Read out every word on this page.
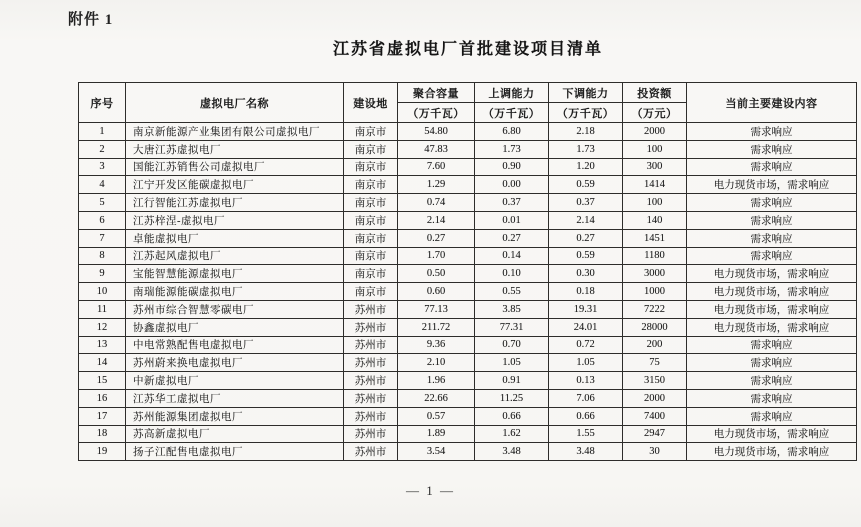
附件 1
江苏省虚拟电厂首批建设项目清单
序号	虚拟电厂名称	建设地	聚合容量	上调能力	下调能力	投资额	当前主要建设内容
			（万千瓦）	（万千瓦）	（万千瓦）	（万元）	
1	南京新能源产业集团有限公司虚拟电厂	南京市	54.80	6.80	2.18	2000	需求响应
2	大唐江苏虚拟电厂	南京市	47.83	1.73	1.73	100	需求响应
3	国能江苏销售公司虚拟电厂	南京市	7.60	0.90	1.20	300	需求响应
4	江宁开发区能碳虚拟电厂	南京市	1.29	0.00	0.59	1414	电力现货市场，需求响应
5	江行智能江苏虚拟电厂	南京市	0.74	0.37	0.37	100	需求响应
6	江苏梓涅-虚拟电厂	南京市	2.14	0.01	2.14	140	需求响应
7	卓能虚拟电厂	南京市	0.27	0.27	0.27	1451	需求响应
8	江苏起风虚拟电厂	南京市	1.70	0.14	0.59	1180	需求响应
9	宝能智慧能源虚拟电厂	南京市	0.50	0.10	0.30	3000	电力现货市场，需求响应
10	南瑞能源能碳虚拟电厂	南京市	0.60	0.55	0.18	1000	电力现货市场，需求响应
11	苏州市综合智慧零碳电厂	苏州市	77.13	3.85	19.31	7222	电力现货市场，需求响应
12	协鑫虚拟电厂	苏州市	211.72	77.31	24.01	28000	电力现货市场，需求响应
13	中电常熟配售电虚拟电厂	苏州市	9.36	0.70	0.72	200	需求响应
14	苏州蔚来换电虚拟电厂	苏州市	2.10	1.05	1.05	75	需求响应
15	中新虚拟电厂	苏州市	1.96	0.91	0.13	3150	需求响应
16	江苏华工虚拟电厂	苏州市	22.66	11.25	7.06	2000	需求响应
17	苏州能源集团虚拟电厂	苏州市	0.57	0.66	0.66	7400	需求响应
18	苏高新虚拟电厂	苏州市	1.89	1.62	1.55	2947	电力现货市场，需求响应
19	扬子江配售电虚拟电厂	苏州市	3.54	3.48	3.48	30	电力现货市场，需求响应
— 1 —
